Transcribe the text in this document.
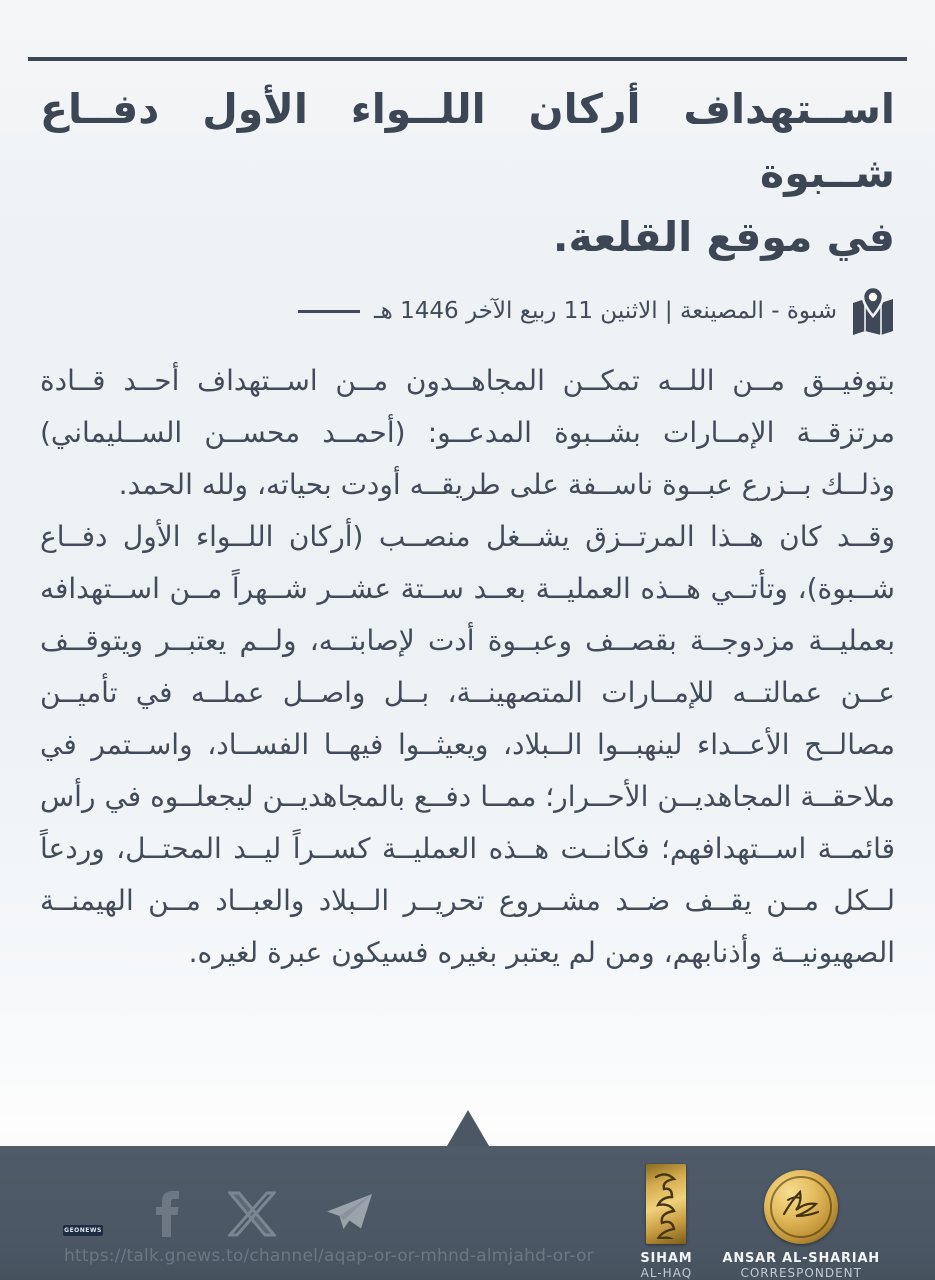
اســتهداف أركان اللــواء الأول دفــاع شــبوة
في موقع القلعة.
شبوة - المصينعة | الاثنين 11 ربيع الآخر 1446 هـ

بتوفيــق مــن اللــه تمكــن المجاهــدون مــن اســتهداف أحــد قــادة مرتزقــة الإمــارات بشــبوة المدعــو: (أحمــد محســن الســليماني) وذلــك بــزرع عبــوة ناســفة على طريقــه أودت بحياته، ولله الحمد.

وقــد كان هــذا المرتــزق يشــغل منصــب (أركان اللــواء الأول دفــاع شــبوة)، وتأتــي هــذه العمليــة بعــد ســتة عشــر شــهراً مــن اســتهدافه بعمليــة مزدوجــة بقصــف وعبــوة أدت لإصابتــه، ولــم يعتبــر ويتوقــف عــن عمالتــه للإمــارات المتصهينــة، بــل واصــل عملــه في تأميــن مصالــح الأعــداء لينهبــوا الــبلاد، ويعيثــوا فيهــا الفســاد، واســتمر في ملاحقــة المجاهديــن الأحــرار؛ ممــا دفــع بالمجاهديــن ليجعلــوه في رأس قائمــة اســتهدافهم؛ فكانــت هــذه العمليــة كســراً ليــد المحتــل، وردعاً لــكل مــن يقــف ضــد مشــروع تحريــر الــبلاد والعبــاد مــن الهيمنــة الصهيونيــة وأذنابهم، ومن لم يعتبر بغيره فسيكون عبرة لغيره.

GEONEWS
https://talk.gnews.to/channel/aqap-or-or-mhnd-almjahd-or-or	SIHAM
AL-HAQ
ANSAR AL-SHARIAH
CORRESPONDENT
